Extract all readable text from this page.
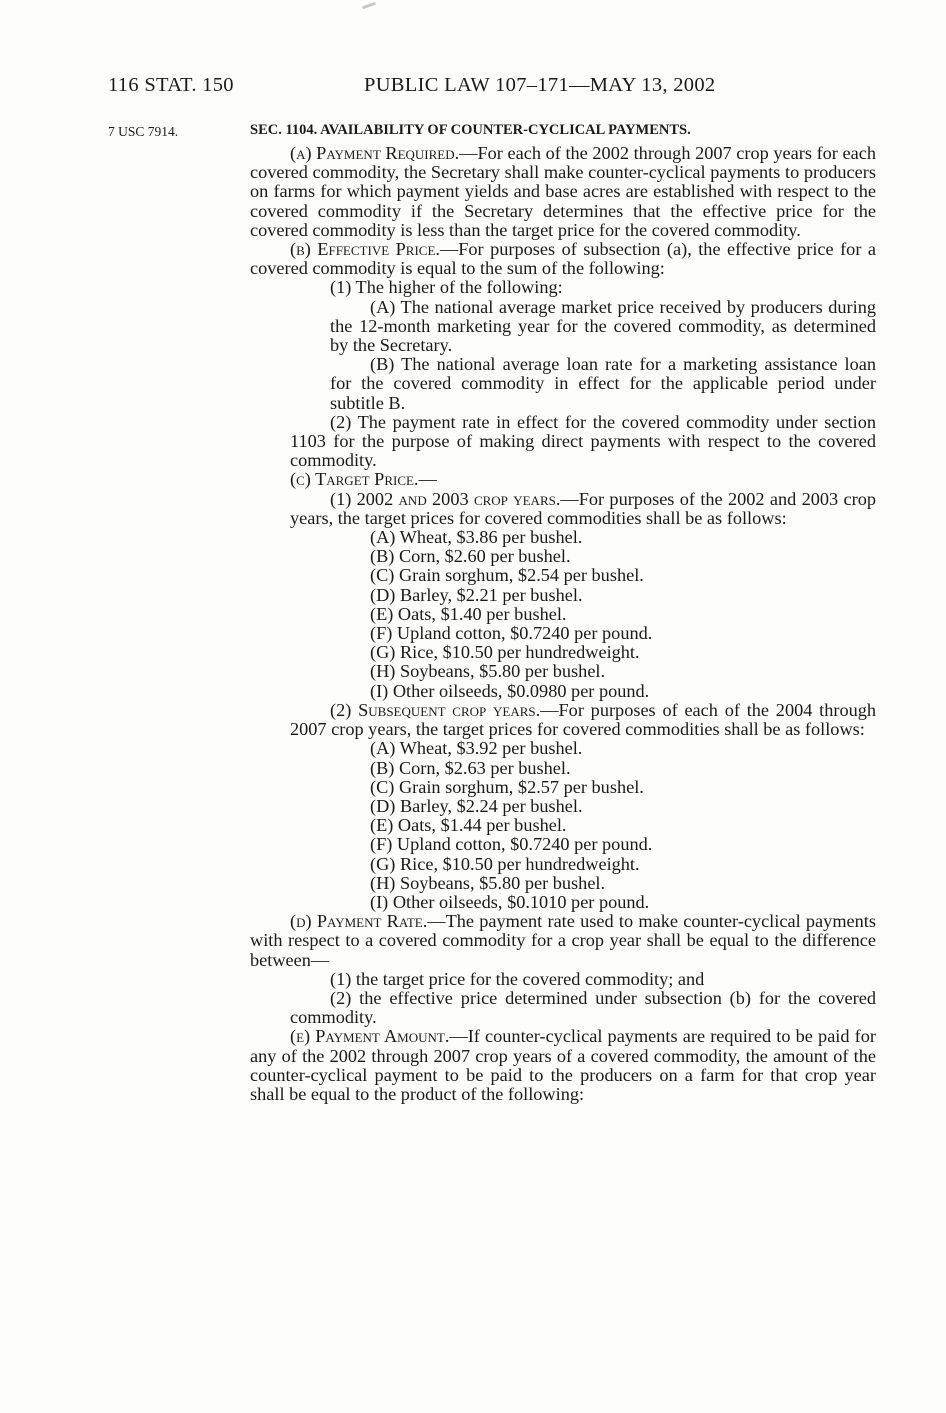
116 STAT. 150	PUBLIC LAW 107–171—MAY 13, 2002
7 USC 7914.	SEC. 1104. AVAILABILITY OF COUNTER-CYCLICAL PAYMENTS.

(a) Payment Required.—For each of the 2002 through 2007 crop years for each covered commodity, the Secretary shall make counter-cyclical payments to producers on farms for which payment yields and base acres are established with respect to the covered commodity if the Secretary determines that the effective price for the covered commodity is less than the target price for the covered commodity.

(b) Effective Price.—For purposes of subsection (a), the effective price for a covered commodity is equal to the sum of the following:

(1) The higher of the following:

(A) The national average market price received by producers during the 12-month marketing year for the covered commodity, as determined by the Secretary.

(B) The national average loan rate for a marketing assistance loan for the covered commodity in effect for the applicable period under subtitle B.

(2) The payment rate in effect for the covered commodity under section 1103 for the purpose of making direct payments with respect to the covered commodity.

(c) Target Price.—

(1) 2002 and 2003 crop years.—For purposes of the 2002 and 2003 crop years, the target prices for covered commodities shall be as follows:

(A) Wheat, $3.86 per bushel.

(B) Corn, $2.60 per bushel.

(C) Grain sorghum, $2.54 per bushel.

(D) Barley, $2.21 per bushel.

(E) Oats, $1.40 per bushel.

(F) Upland cotton, $0.7240 per pound.

(G) Rice, $10.50 per hundredweight.

(H) Soybeans, $5.80 per bushel.

(I) Other oilseeds, $0.0980 per pound.

(2) Subsequent crop years.—For purposes of each of the 2004 through 2007 crop years, the target prices for covered commodities shall be as follows:

(A) Wheat, $3.92 per bushel.

(B) Corn, $2.63 per bushel.

(C) Grain sorghum, $2.57 per bushel.

(D) Barley, $2.24 per bushel.

(E) Oats, $1.44 per bushel.

(F) Upland cotton, $0.7240 per pound.

(G) Rice, $10.50 per hundredweight.

(H) Soybeans, $5.80 per bushel.

(I) Other oilseeds, $0.1010 per pound.

(d) Payment Rate.—The payment rate used to make counter-cyclical payments with respect to a covered commodity for a crop year shall be equal to the difference between—

(1) the target price for the covered commodity; and

(2) the effective price determined under subsection (b) for the covered commodity.

(e) Payment Amount.—If counter-cyclical payments are required to be paid for any of the 2002 through 2007 crop years of a covered commodity, the amount of the counter-cyclical payment to be paid to the producers on a farm for that crop year shall be equal to the product of the following:
